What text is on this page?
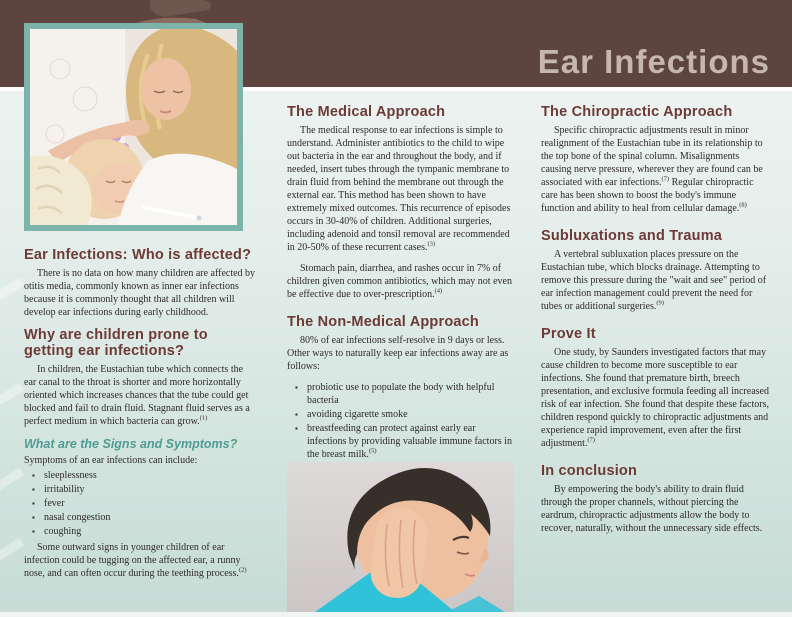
Ear Infections
Ear Infections: Who is affected?

There is no data on how many children are affected by otitis media, commonly known as inner ear infections because it is commonly thought that all children will develop ear infections during early childhood.

Why are children prone to getting ear infections?

In children, the Eustachian tube which connects the ear canal to the throat is shorter and more horizontally oriented which increases chances that the tube could get blocked and fail to drain fluid. Stagnant fluid serves as a perfect medium in which bacteria can grow.$^{(1)}$

What are the Signs and Symptoms?

Symptoms of an ear infections can include:

▪ sleeplessness
▪ irritability
▪ fever
▪ nasal congestion
▪ coughing

Some outward signs in younger children of ear infection could be tugging on the affected ear, a runny nose, and can often occur during the teething process.$^{(2)}$

The Medical Approach

The medical response to ear infections is simple to understand. Administer antibiotics to the child to wipe out bacteria in the ear and throughout the body, and if needed, insert tubes through the tympanic membrane to drain fluid from behind the membrane out through the external ear. This method has been shown to have extremely mixed outcomes. This recurrence of episodes occurs in 30-40% of children. Additional surgeries, including adenoid and tonsil removal are recommended in 20-50% of these recurrent cases.$^{(3)}$

Stomach pain, diarrhea, and rashes occur in 7% of children given common antibiotics, which may not even be effective due to over-prescription.$^{(4)}$

The Non-Medical Approach

80% of ear infections self-resolve in 9 days or less. Other ways to naturally keep ear infections away are as follows:

▪ probiotic use to populate the body with helpful bacteria
▪ avoiding cigarette smoke
▪ breastfeeding can protect against early ear infections by providing valuable immune factors in the breast milk.$^{(5)}$
The Chiropractic Approach

Specific chiropractic adjustments result in minor realignment of the Eustachian tube in its relationship to the top bone of the spinal column. Misalignments causing nerve pressure, wherever they are found can be associated with ear infections.$^{(7)}$ Regular chiropractic care has been shown to boost the body's immune function and ability to heal from cellular damage.$^{(8)}$

Subluxations and Trauma

A vertebral subluxation places pressure on the Eustachian tube, which blocks drainage. Attempting to remove this pressure during the "wait and see" period of ear infection management could prevent the need for tubes or additional surgeries.$^{(9)}$

Prove It

One study, by Saunders investigated factors that may cause children to become more susceptible to ear infections. She found that premature birth, breech presentation, and exclusive formula feeding all increased risk of ear infection. She found that despite these factors, children respond quickly to chiropractic adjustments and experience rapid improvement, even after the first adjustment.$^{(7)}$

In conclusion

By empowering the body's ability to drain fluid through the proper channels, without piercing the eardrum, chiropractic adjustments allow the body to recover, naturally, without the unnecessary side effects.
